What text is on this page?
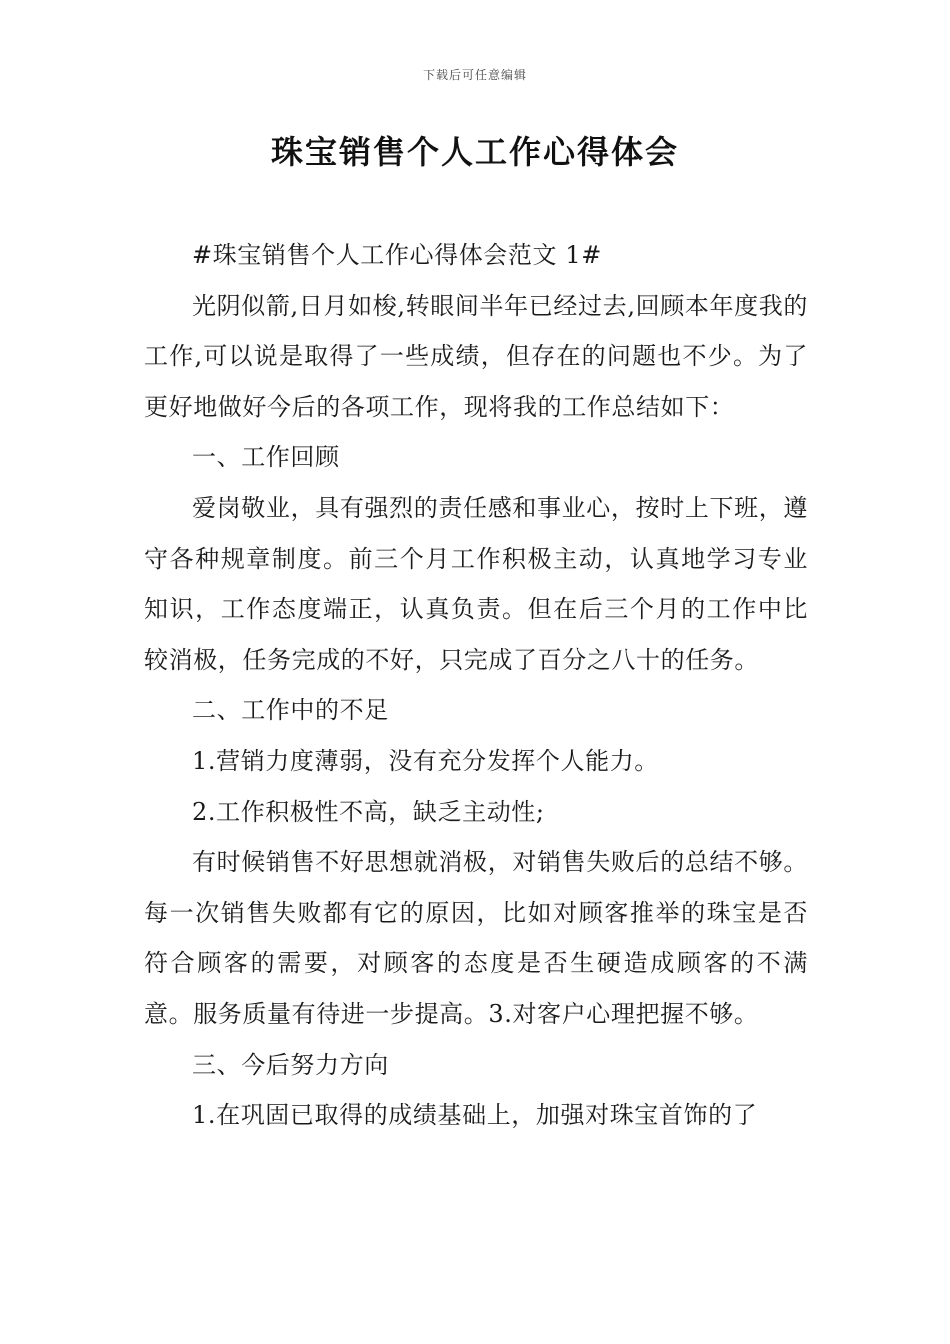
下载后可任意编辑
珠宝销售个人工作心得体会

#珠宝销售个人工作心得体会范文 1#

光阴似箭,日月如梭,转眼间半年已经过去,回顾本年度我的工作,可以说是取得了一些成绩，但存在的问题也不少。为了更好地做好今后的各项工作，现将我的工作总结如下：

一、工作回顾

爱岗敬业，具有强烈的责任感和事业心，按时上下班，遵守各种规章制度。前三个月工作积极主动，认真地学习专业知识，工作态度端正，认真负责。但在后三个月的工作中比较消极，任务完成的不好，只完成了百分之八十的任务。

二、工作中的不足

1.营销力度薄弱，没有充分发挥个人能力。

2.工作积极性不高，缺乏主动性;

有时候销售不好思想就消极，对销售失败后的总结不够。每一次销售失败都有它的原因，比如对顾客推举的珠宝是否符合顾客的需要，对顾客的态度是否生硬造成顾客的不满意。服务质量有待进一步提高。3.对客户心理把握不够。

三、今后努力方向

1.在巩固已取得的成绩基础上，加强对珠宝首饰的了
